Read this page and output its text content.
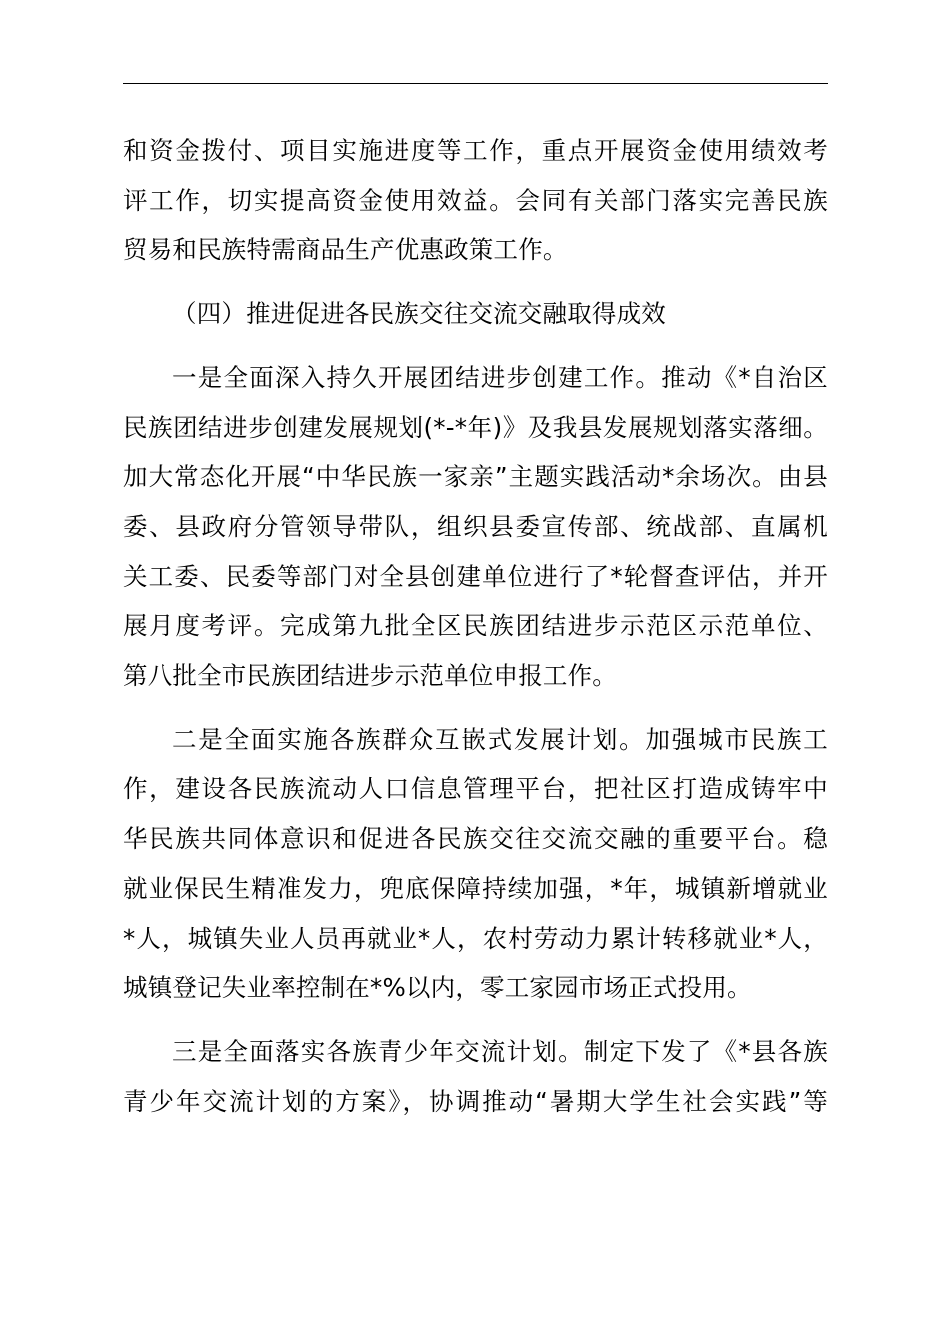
和资金拨付、项目实施进度等工作，重点开展资金使用绩效考
评工作，切实提高资金使用效益。会同有关部门落实完善民族
贸易和民族特需商品生产优惠政策工作。

（四）推进促进各民族交往交流交融取得成效

一是全面深入持久开展团结进步创建工作。推动《*自治区
民族团结进步创建发展规划(*-*年)》及我县发展规划落实落细。
加大常态化开展“中华民族一家亲”主题实践活动*余场次。由县
委、县政府分管领导带队，组织县委宣传部、统战部、直属机
关工委、民委等部门对全县创建单位进行了*轮督查评估，并开
展月度考评。完成第九批全区民族团结进步示范区示范单位、
第八批全市民族团结进步示范单位申报工作。

二是全面实施各族群众互嵌式发展计划。加强城市民族工
作，建设各民族流动人口信息管理平台，把社区打造成铸牢中
华民族共同体意识和促进各民族交往交流交融的重要平台。稳
就业保民生精准发力，兜底保障持续加强，*年，城镇新增就业
*人，城镇失业人员再就业*人，农村劳动力累计转移就业*人，
城镇登记失业率控制在*%以内，零工家园市场正式投用。

三是全面落实各族青少年交流计划。制定下发了《*县各族
青少年交流计划的方案》，协调推动“暑期大学生社会实践”等
